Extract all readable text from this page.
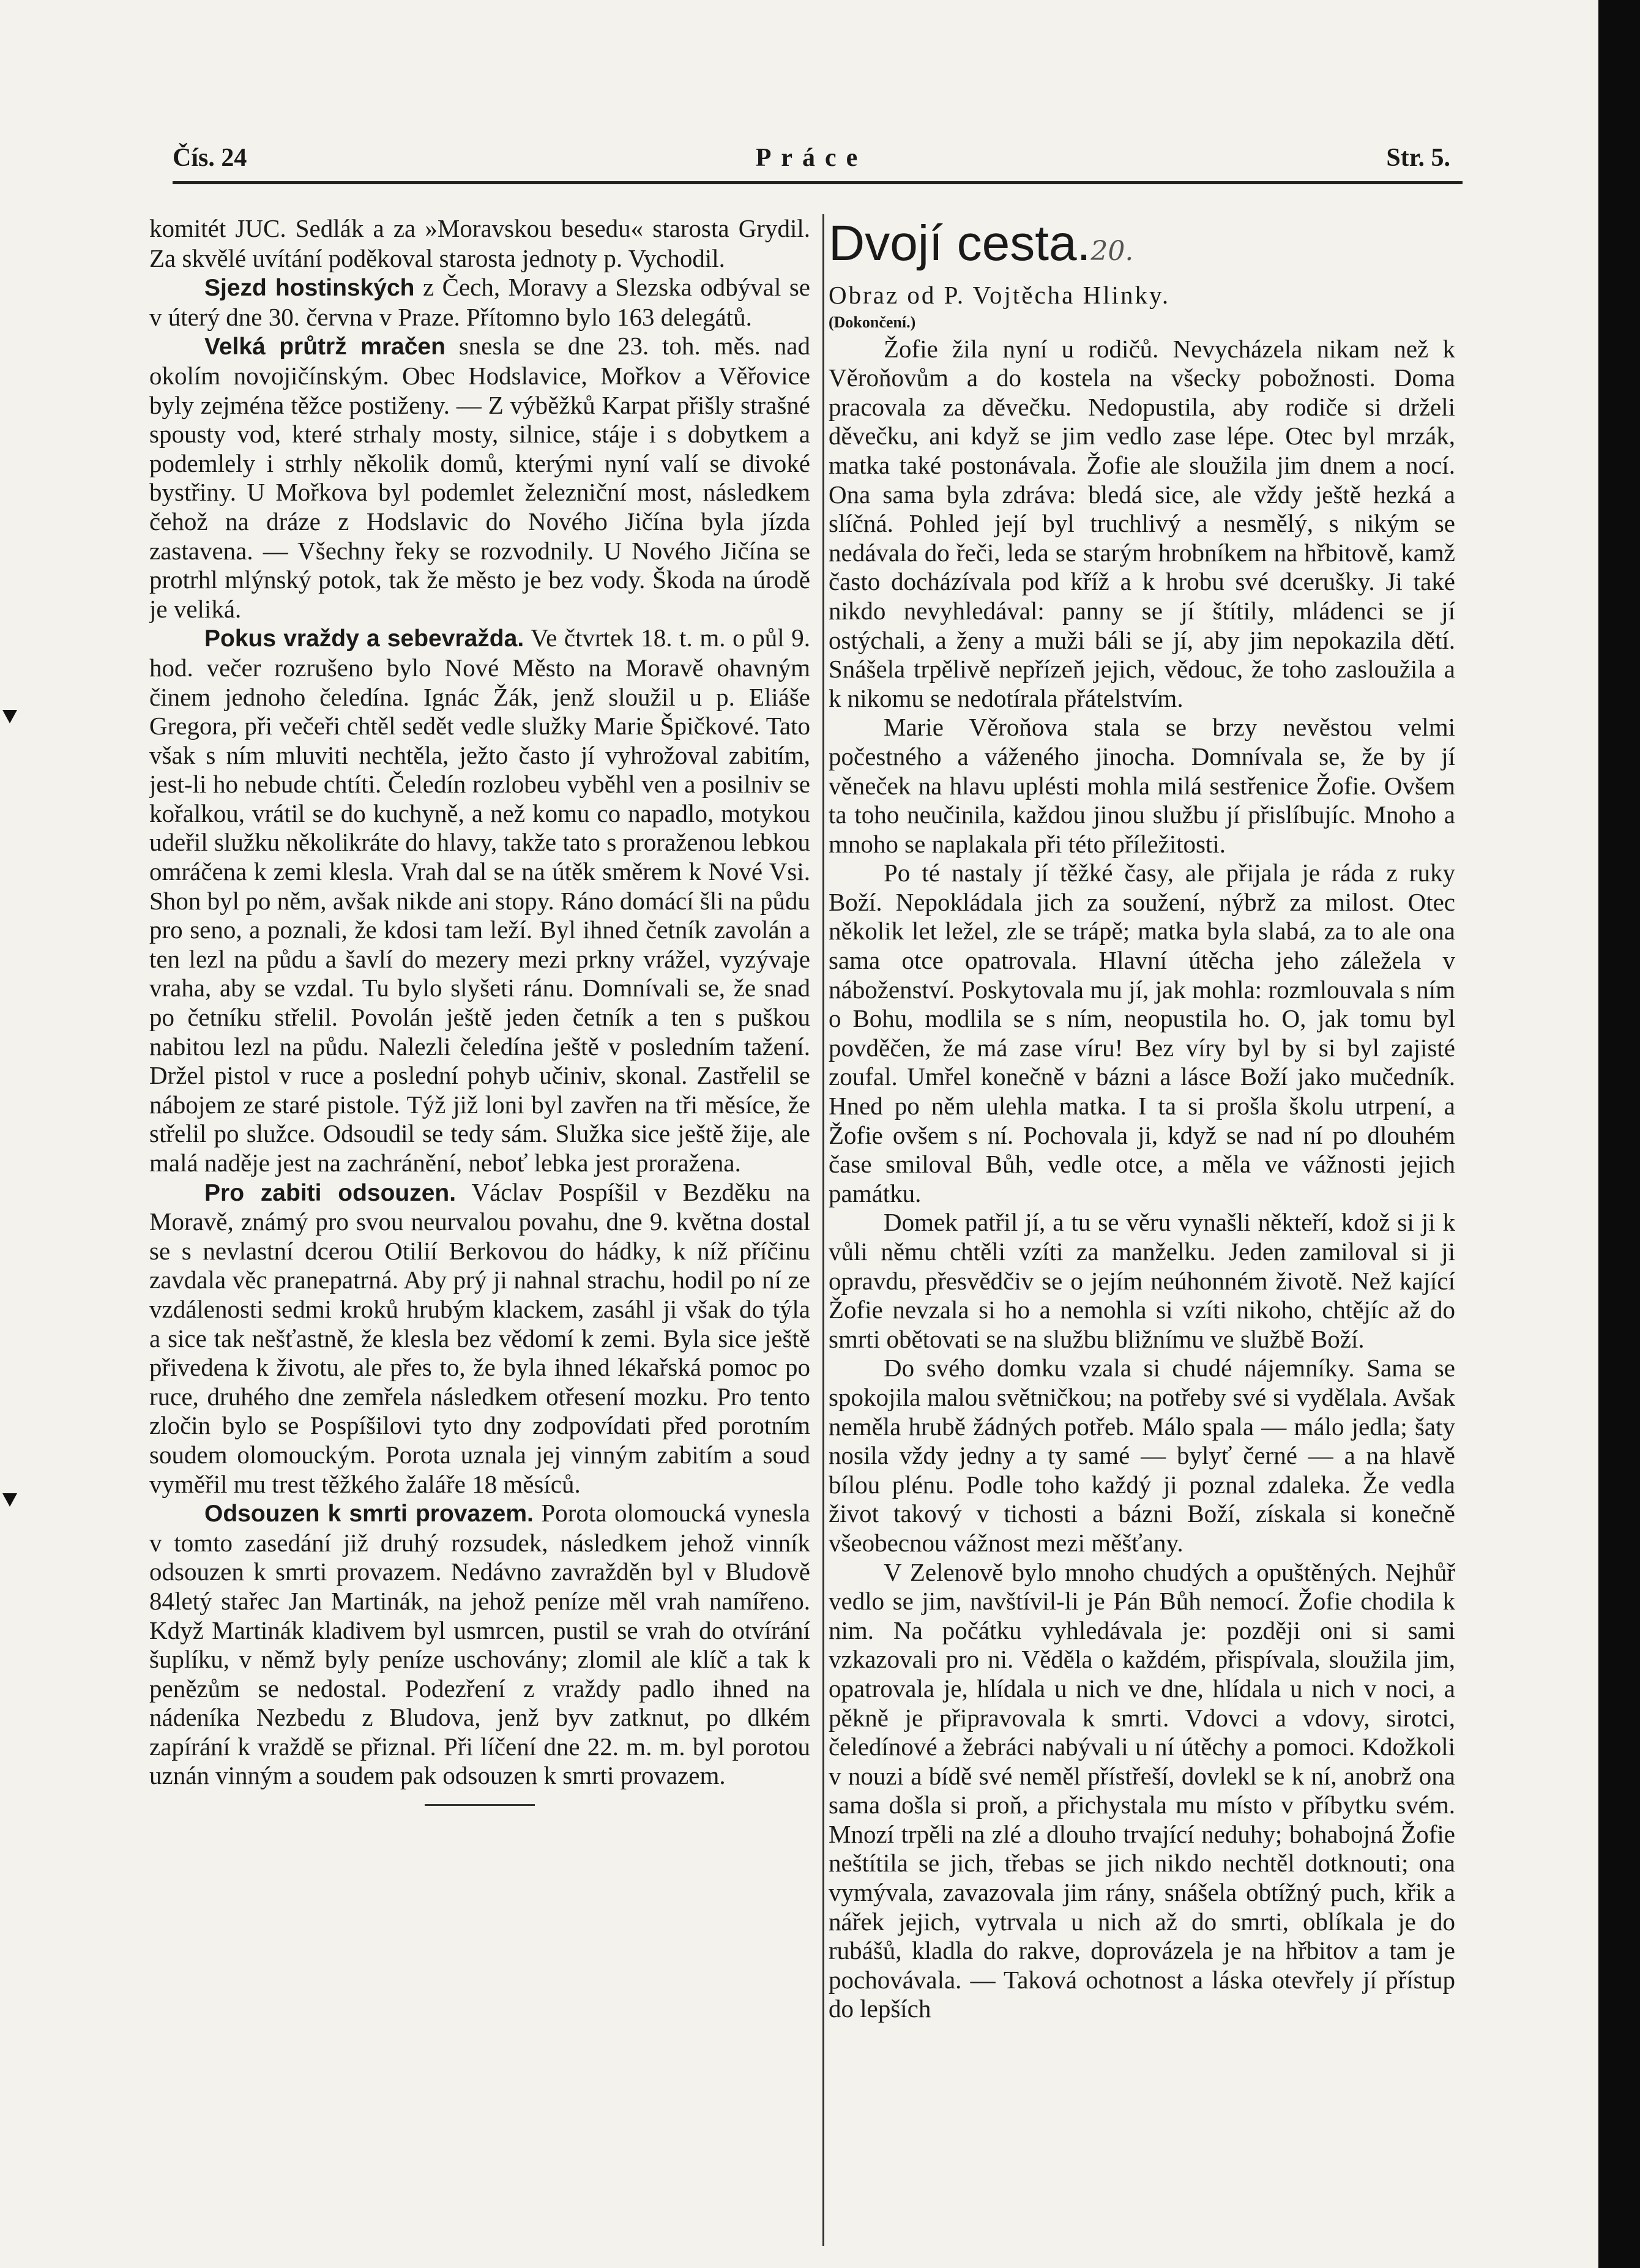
Čís. 24	Práce	Str. 5.

komitét JUC. Sedlák a za »Moravskou besedu« starosta Grydil. Za skvělé uvítání poděkoval starosta jednoty p. Vychodil.

Sjezd hostinských z Čech, Moravy a Slezska odbýval se v úterý dne 30. června v Praze. Přítomno bylo 163 delegátů.

Velká průtrž mračen snesla se dne 23. toh. měs. nad okolím novojičínským. Obec Hodslavice, Mořkov a Věřovice byly zejména těžce postiženy. — Z výběžků Karpat přišly strašné spousty vod, které strhaly mosty, silnice, stáje i s dobytkem a podemlely i strhly několik domů, kterými nyní valí se divoké bystřiny. U Mořkova byl podemlet železniční most, následkem čehož na dráze z Hodslavic do Nového Jičína byla jízda zastavena. — Všechny řeky se rozvodnily. U Nového Jičína se protrhl mlýnský potok, tak že město je bez vody. Škoda na úrodě je veliká.

Pokus vraždy a sebevražda. Ve čtvrtek 18. t. m. o půl 9. hod. večer rozrušeno bylo Nové Město na Moravě ohavným činem jednoho čeledína. Ignác Žák, jenž sloužil u p. Eliáše Gregora, při večeři chtěl sedět vedle služky Marie Špičkové. Tato však s ním mluviti nechtěla, ježto často jí vyhrožoval zabitím, jest-li ho nebude chtíti. Čeledín rozlobeu vyběhl ven a posilniv se kořalkou, vrátil se do kuchyně, a než komu co napadlo, motykou udeřil služku několikráte do hlavy, takže tato s proraženou lebkou omráčena k zemi klesla. Vrah dal se na útěk směrem k Nové Vsi. Shon byl po něm, avšak nikde ani stopy. Ráno domácí šli na půdu pro seno, a poznali, že kdosi tam leží. Byl ihned četník zavolán a ten lezl na půdu a šavlí do mezery mezi prkny vrážel, vyzývaje vraha, aby se vzdal. Tu bylo slyšeti ránu. Domnívali se, že snad po četníku střelil. Povolán ještě jeden četník a ten s puškou nabitou lezl na půdu. Nalezli čeledína ještě v posledním tažení. Držel pistol v ruce a poslední pohyb učiniv, skonal. Zastřelil se nábojem ze staré pistole. Týž již loni byl zavřen na tři měsíce, že střelil po služce. Odsoudil se tedy sám. Služka sice ještě žije, ale malá naděje jest na zachránění, neboť lebka jest proražena.

Pro zabiti odsouzen. Václav Pospíšil v Bezděku na Moravě, známý pro svou neurvalou povahu, dne 9. května dostal se s nevlastní dcerou Otilií Berkovou do hádky, k níž příčinu zavdala věc pranepatrná. Aby prý ji nahnal strachu, hodil po ní ze vzdálenosti sedmi kroků hrubým klackem, zasáhl ji však do týla a sice tak nešťastně, že klesla bez vědomí k zemi. Byla sice ještě přivedena k životu, ale přes to, že byla ihned lékařská pomoc po ruce, druhého dne zemřela následkem otřesení mozku. Pro tento zločin bylo se Pospíšilovi tyto dny zodpovídati před porotním soudem olomouckým. Porota uznala jej vinným zabitím a soud vyměřil mu trest těžkého žaláře 18 měsíců.

Odsouzen k smrti provazem. Porota olomoucká vynesla v tomto zasedání již druhý rozsudek, následkem jehož vinník odsouzen k smrti provazem. Nedávno zavražděn byl v Bludově 84letý stařec Jan Martinák, na jehož peníze měl vrah namířeno. Když Martinák kladivem byl usmrcen, pustil se vrah do otvírání šuplíku, v němž byly peníze uschovány; zlomil ale klíč a tak k penězům se nedostal. Podezření z vraždy padlo ihned na nádeníka Nezbedu z Bludova, jenž byv zatknut, po dlkém zapírání k vraždě se přiznal. Při líčení dne 22. m. m. byl porotou uznán vinným a soudem pak odsouzen k smrti provazem.

Dvojí cesta.20.

Obraz od P. Vojtěcha Hlinky.

(Dokončení.)

Žofie žila nyní u rodičů. Nevycházela nikam než k Věroňovům a do kostela na všecky pobožnosti. Doma pracovala za děvečku. Nedopustila, aby rodiče si drželi děvečku, ani když se jim vedlo zase lépe. Otec byl mrzák, matka také postonávala. Žofie ale sloužila jim dnem a nocí. Ona sama byla zdráva: bledá sice, ale vždy ještě hezká a slíčná. Pohled její byl truchlivý a nesmělý, s nikým se nedávala do řeči, leda se starým hrobníkem na hřbitově, kamž často docházívala pod kříž a k hrobu své dcerušky. Ji také nikdo nevyhledával: panny se jí štítily, mládenci se jí ostýchali, a ženy a muži báli se jí, aby jim nepokazila dětí. Snášela trpělivě nepřízeň jejich, vědouc, že toho zasloužila a k nikomu se nedotírala přátelstvím.

Marie Věroňova stala se brzy nevěstou velmi počestného a váženého jinocha. Domnívala se, že by jí věneček na hlavu uplésti mohla milá sestřenice Žofie. Ovšem ta toho neučinila, každou jinou službu jí přislíbujíc. Mnoho a mnoho se naplakala při této příležitosti.

Po té nastaly jí těžké časy, ale přijala je ráda z ruky Boží. Nepokládala jich za soužení, nýbrž za milost. Otec několik let ležel, zle se trápě; matka byla slabá, za to ale ona sama otce opatrovala. Hlavní útěcha jeho záležela v náboženství. Poskytovala mu jí, jak mohla: rozmlouvala s ním o Bohu, modlila se s ním, neopustila ho. O, jak tomu byl povděčen, že má zase víru! Bez víry byl by si byl zajisté zoufal. Umřel konečně v bázni a lásce Boží jako mučedník. Hned po něm ulehla matka. I ta si prošla školu utrpení, a Žofie ovšem s ní. Pochovala ji, když se nad ní po dlouhém čase smiloval Bůh, vedle otce, a měla ve vážnosti jejich památku.

Domek patřil jí, a tu se věru vynašli někteří, kdož si ji k vůli němu chtěli vzíti za manželku. Jeden zamiloval si ji opravdu, přesvědčiv se o jejím neúhonném životě. Než kající Žofie nevzala si ho a nemohla si vzíti nikoho, chtějíc až do smrti obětovati se na službu bližnímu ve službě Boží.

Do svého domku vzala si chudé nájemníky. Sama se spokojila malou světničkou; na potřeby své si vydělala. Avšak neměla hrubě žádných potřeb. Málo spala — málo jedla; šaty nosila vždy jedny a ty samé — bylyť černé — a na hlavě bílou plénu. Podle toho každý ji poznal zdaleka. Že vedla život takový v tichosti a bázni Boží, získala si konečně všeobecnou vážnost mezi měšťany.

V Zelenově bylo mnoho chudých a opuštěných. Nejhůř vedlo se jim, navštívil-li je Pán Bůh nemocí. Žofie chodila k nim. Na počátku vyhledávala je: později oni si sami vzkazovali pro ni. Věděla o každém, přispívala, sloužila jim, opatrovala je, hlídala u nich ve dne, hlídala u nich v noci, a pěkně je připravovala k smrti. Vdovci a vdovy, sirotci, čeledínové a žebráci nabývali u ní útěchy a pomoci. Kdožkoli v nouzi a bídě své neměl přístřeší, dovlekl se k ní, anobrž ona sama došla si proň, a přichystala mu místo v příbytku svém. Mnozí trpěli na zlé a dlouho trvající neduhy; bohabojná Žofie neštítila se jich, třebas se jich nikdo nechtěl dotknouti; ona vymývala, zavazovala jim rány, snášela obtížný puch, křik a nářek jejich, vytrvala u nich až do smrti, oblíkala je do rubášů, kladla do rakve, doprovázela je na hřbitov a tam je pochovávala. — Taková ochotnost a láska otevřely jí přístup do lepších
